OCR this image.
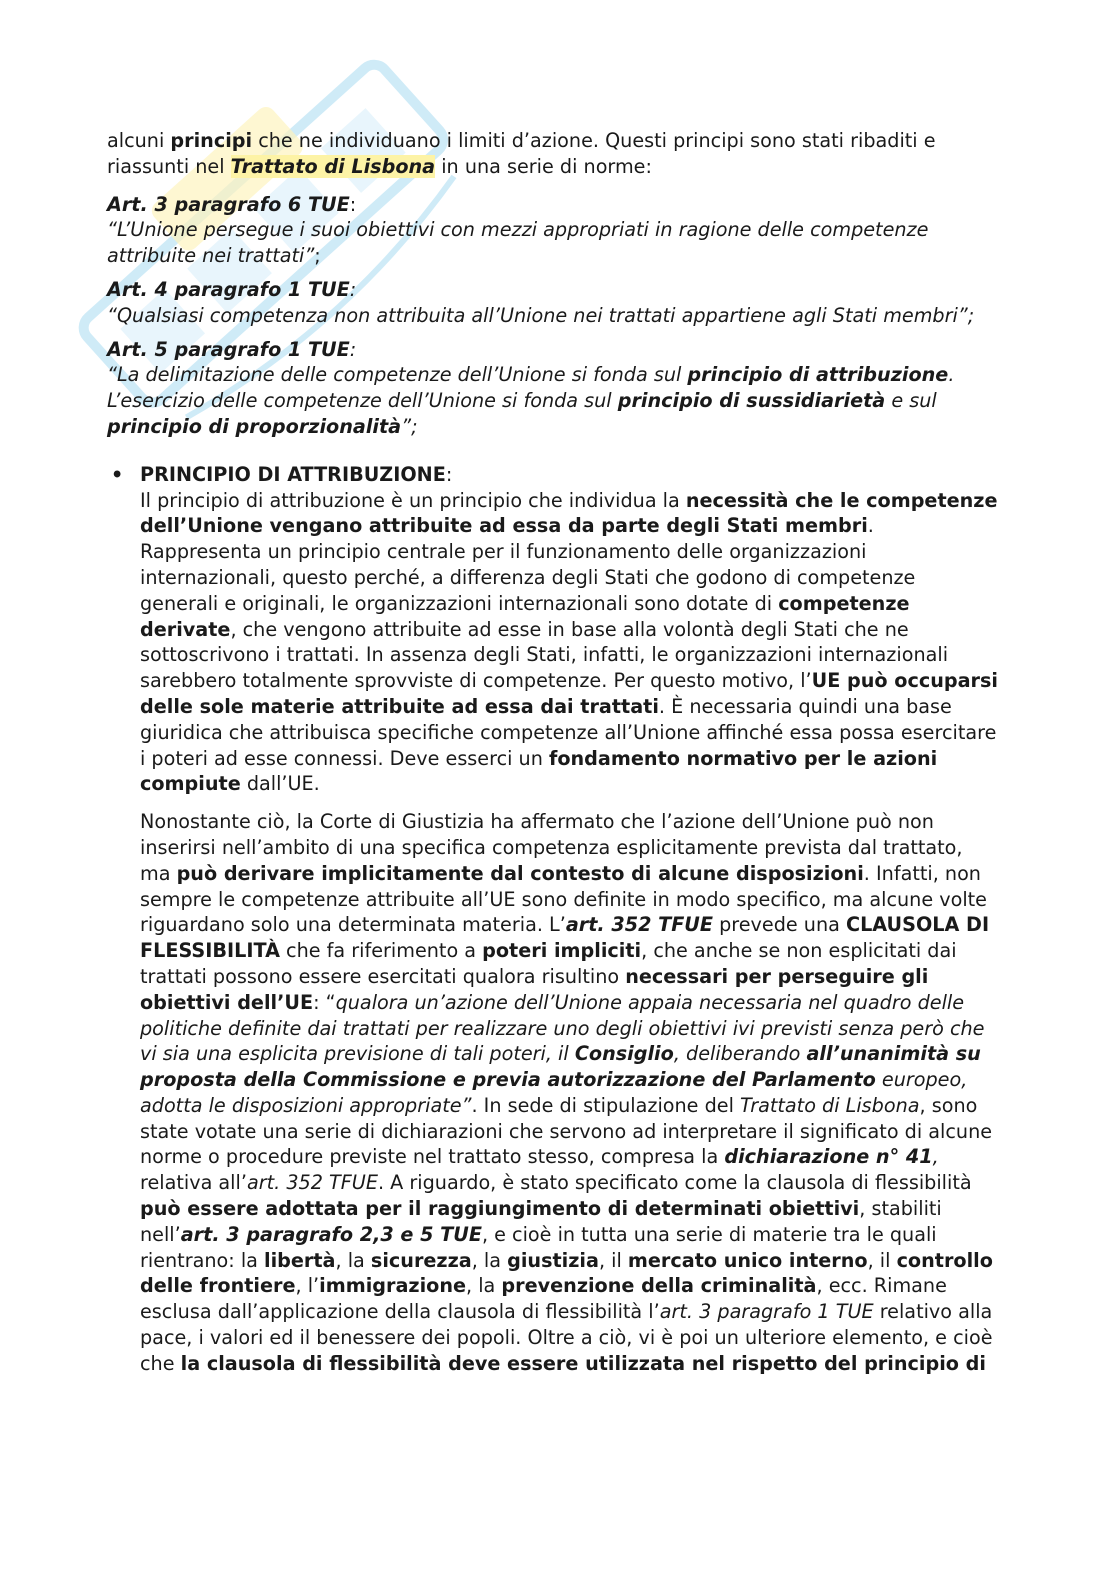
alcuni principi che ne individuano i limiti d’azione. Questi principi sono stati ribaditi e riassunti nel Trattato di Lisbona in una serie di norme:

Art. 3 paragrafo 6 TUE:

“L’Unione persegue i suoi obiettivi con mezzi appropriati in ragione delle competenze attribuite nei trattati”;

Art. 4 paragrafo 1 TUE:

“Qualsiasi competenza non attribuita all’Unione nei trattati appartiene agli Stati membri”;

Art. 5 paragrafo 1 TUE:

“La delimitazione delle competenze dell’Unione si fonda sul principio di attribuzione. L’esercizio delle competenze dell’Unione si fonda sul principio di sussidiarietà e sul principio di proporzionalità”;

• PRINCIPIO DI ATTRIBUZIONE:

Il principio di attribuzione è un principio che individua la necessità che le competenze dell’Unione vengano attribuite ad essa da parte degli Stati membri. Rappresenta un principio centrale per il funzionamento delle organizzazioni internazionali, questo perché, a differenza degli Stati che godono di competenze generali e originali, le organizzazioni internazionali sono dotate di competenze derivate, che vengono attribuite ad esse in base alla volontà degli Stati che ne sottoscrivono i trattati. In assenza degli Stati, infatti, le organizzazioni internazionali sarebbero totalmente sprovviste di competenze. Per questo motivo, l’UE può occuparsi delle sole materie attribuite ad essa dai trattati. È necessaria quindi una base giuridica che attribuisca specifiche competenze all’Unione affinché essa possa esercitare i poteri ad esse connessi. Deve esserci un fondamento normativo per le azioni compiute dall’UE.

Nonostante ciò, la Corte di Giustizia ha affermato che l’azione dell’Unione può non inserirsi nell’ambito di una specifica competenza esplicitamente prevista dal trattato, ma può derivare implicitamente dal contesto di alcune disposizioni. Infatti, non sempre le competenze attribuite all’UE sono definite in modo specifico, ma alcune volte riguardano solo una determinata materia. L’art. 352 TFUE prevede una CLAUSOLA DI FLESSIBILITÀ che fa riferimento a poteri impliciti, che anche se non esplicitati dai trattati possono essere esercitati qualora risultino necessari per perseguire gli obiettivi dell’UE: “qualora un’azione dell’Unione appaia necessaria nel quadro delle politiche definite dai trattati per realizzare uno degli obiettivi ivi previsti senza però che vi sia una esplicita previsione di tali poteri, il Consiglio, deliberando all’unanimità su proposta della Commissione e previa autorizzazione del Parlamento europeo, adotta le disposizioni appropriate”. In sede di stipulazione del Trattato di Lisbona, sono state votate una serie di dichiarazioni che servono ad interpretare il significato di alcune norme o procedure previste nel trattato stesso, compresa la dichiarazione n° 41, relativa all’art. 352 TFUE. A riguardo, è stato specificato come la clausola di flessibilità può essere adottata per il raggiungimento di determinati obiettivi, stabiliti nell’art. 3 paragrafo 2,3 e 5 TUE, e cioè in tutta una serie di materie tra le quali rientrano: la libertà, la sicurezza, la giustizia, il mercato unico interno, il controllo delle frontiere, l’immigrazione, la prevenzione della criminalità, ecc. Rimane esclusa dall’applicazione della clausola di flessibilità l’art. 3 paragrafo 1 TUE relativo alla pace, i valori ed il benessere dei popoli. Oltre a ciò, vi è poi un ulteriore elemento, e cioè che la clausola di flessibilità deve essere utilizzata nel rispetto del principio di
